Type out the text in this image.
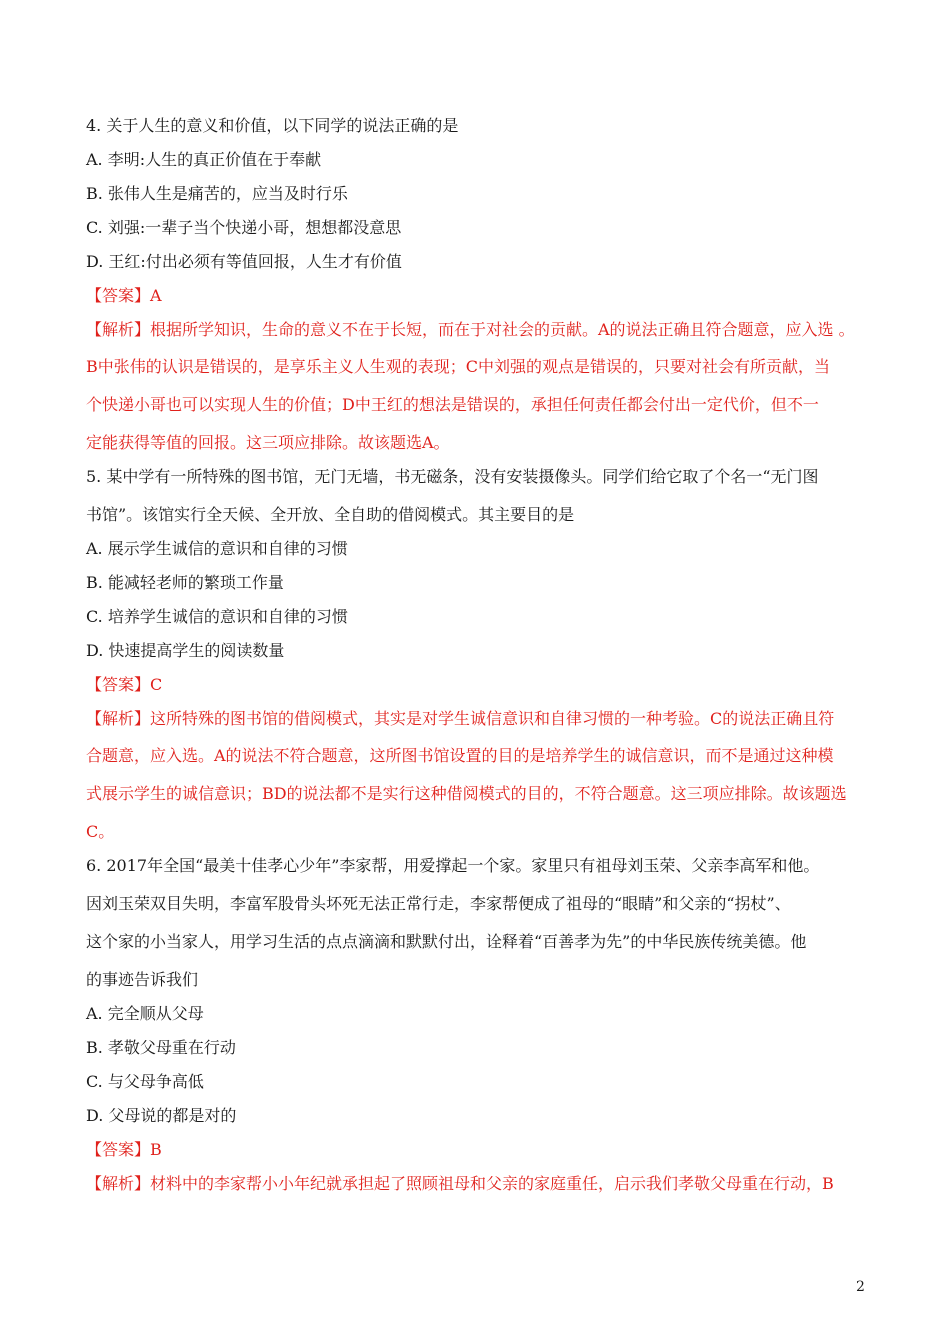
4. 关于人生的意义和价值，以下同学的说法正确的是
A. 李明:人生的真正价值在于奉献
B. 张伟人生是痛苦的，应当及时行乐
C. 刘强:一辈子当个快递小哥，想想都没意思
D. 王红:付出必须有等值回报，人生才有价值
【答案】A
【解析】根据所学知识，生命的意义不在于长短，而在于对社会的贡献。A的说法正确且符合题意，应入选 。
B中张伟的认识是错误的，是享乐主义人生观的表现；C中刘强的观点是错误的，只要对社会有所贡献，当
个快递小哥也可以实现人生的价值；D中王红的想法是错误的，承担任何责任都会付出一定代价，但不一
定能获得等值的回报。这三项应排除。故该题选A。
5. 某中学有一所特殊的图书馆，无门无墙，书无磁条，没有安装摄像头。同学们给它取了个名一“无门图
书馆”。该馆实行全天候、全开放、全自助的借阅模式。其主要目的是
A. 展示学生诚信的意识和自律的习惯
B. 能减轻老师的繁琐工作量
C. 培养学生诚信的意识和自律的习惯
D. 快速提高学生的阅读数量
【答案】C
【解析】这所特殊的图书馆的借阅模式，其实是对学生诚信意识和自律习惯的一种考验。C的说法正确且符
合题意，应入选。A的说法不符合题意，这所图书馆设置的目的是培养学生的诚信意识，而不是通过这种模
式展示学生的诚信意识；BD的说法都不是实行这种借阅模式的目的，不符合题意。这三项应排除。故该题选
C。
6. 2017年全国“最美十佳孝心少年”李家帮，用爱撑起一个家。家里只有祖母刘玉荣、父亲李高军和他。
因刘玉荣双目失明，李富军股骨头坏死无法正常行走，李家帮便成了祖母的“眼睛”和父亲的“拐杖”、
这个家的小当家人，用学习生活的点点滴滴和默默付出，诠释着“百善孝为先”的中华民族传统美德。他
的事迹告诉我们
A. 完全顺从父母
B. 孝敬父母重在行动
C. 与父母争高低
D. 父母说的都是对的
【答案】B
【解析】材料中的李家帮小小年纪就承担起了照顾祖母和父亲的家庭重任，启示我们孝敬父母重在行动，B
2
